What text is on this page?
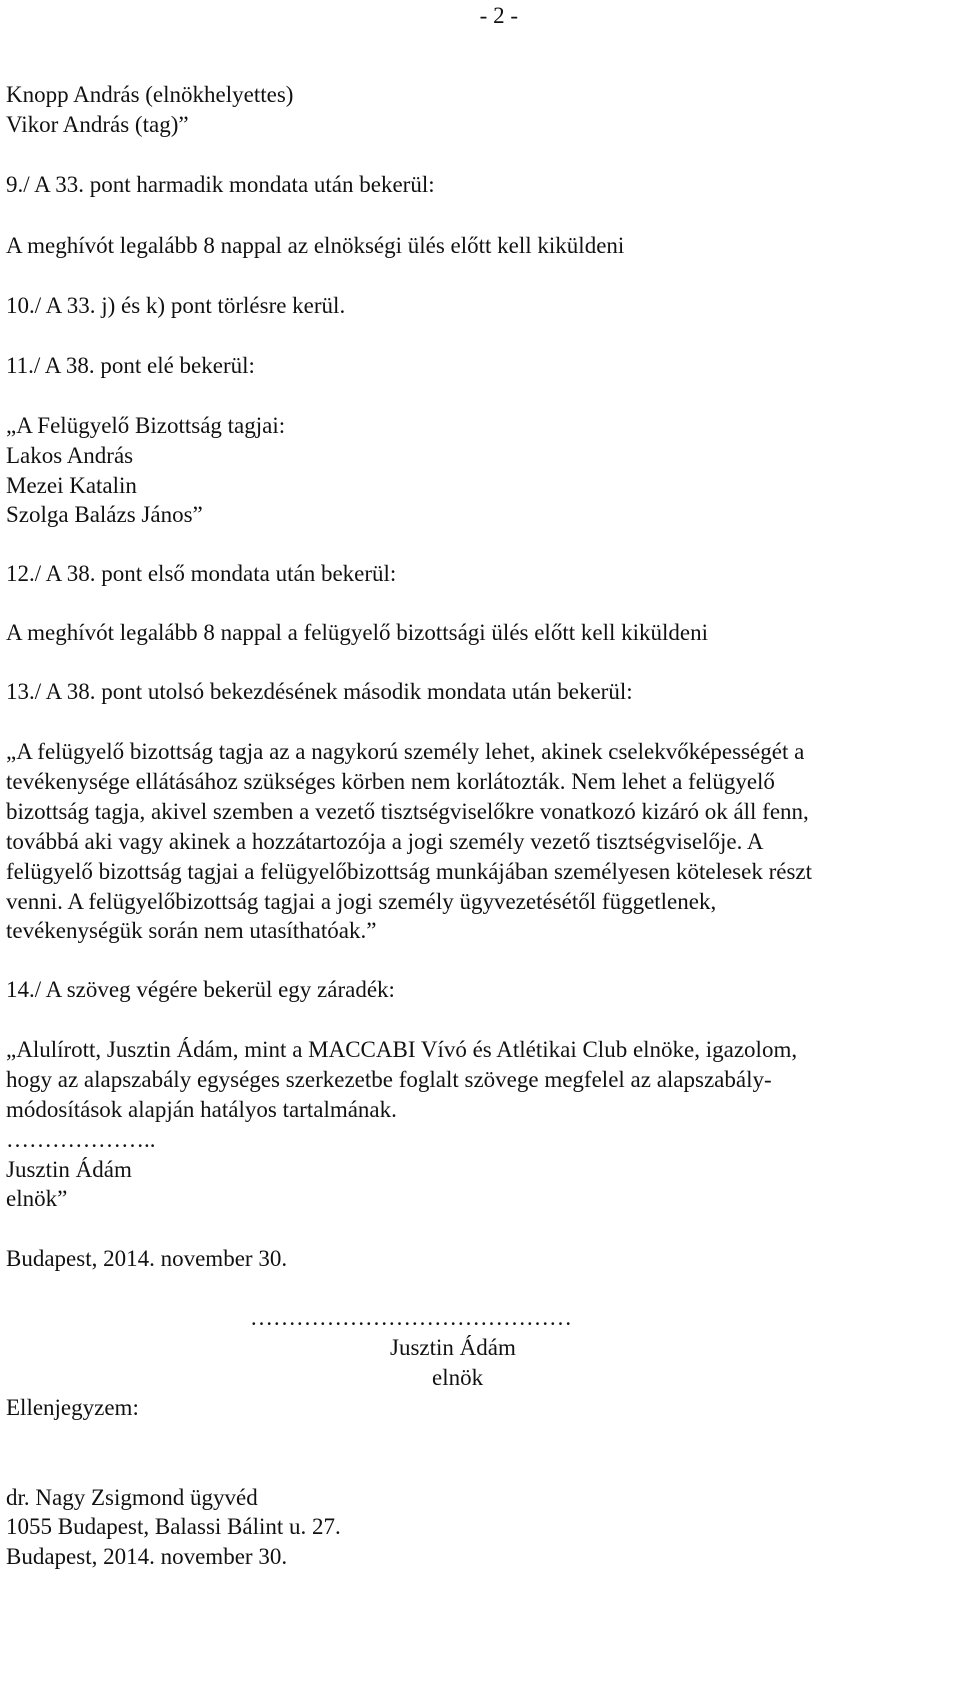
- 2 -
Knopp András (elnökhelyettes)
Vikor András (tag)”
9./ A 33. pont harmadik mondata után bekerül:
A meghívót legalább 8 nappal az elnökségi ülés előtt kell kiküldeni
10./ A 33. j) és k) pont törlésre kerül.
11./ A 38. pont elé bekerül:
„A Felügyelő Bizottság tagjai:
Lakos András
Mezei Katalin
Szolga Balázs János”
12./ A 38. pont első mondata után bekerül:
A meghívót legalább 8 nappal a felügyelő bizottsági ülés előtt kell kiküldeni
13./ A 38. pont utolsó bekezdésének második mondata után bekerül:
„A felügyelő bizottság tagja az a nagykorú személy lehet, akinek cselekvőképességét a
tevékenysége ellátásához szükséges körben nem korlátozták. Nem lehet a felügyelő
bizottság tagja, akivel szemben a vezető tisztségviselőkre vonatkozó kizáró ok áll fenn,
továbbá aki vagy akinek a hozzátartozója a jogi személy vezető tisztségviselője. A
felügyelő bizottság tagjai a felügyelőbizottság munkájában személyesen kötelesek részt
venni. A felügyelőbizottság tagjai a jogi személy ügyvezetésétől függetlenek,
tevékenységük során nem utasíthatóak.”
14./ A szöveg végére bekerül egy záradék:
„Alulírott, Jusztin Ádám, mint a MACCABI Vívó és Atlétikai Club elnöke, igazolom,
hogy az alapszabály egységes szerkezetbe foglalt szövege megfelel az alapszabály-
módosítások alapján hatályos tartalmának.
………………..
Jusztin Ádám
elnök”
Budapest, 2014. november 30.
……………………………………
Jusztin Ádám
elnök
Ellenjegyzem:
dr. Nagy Zsigmond ügyvéd
1055 Budapest, Balassi Bálint u. 27.
Budapest, 2014. november 30.
